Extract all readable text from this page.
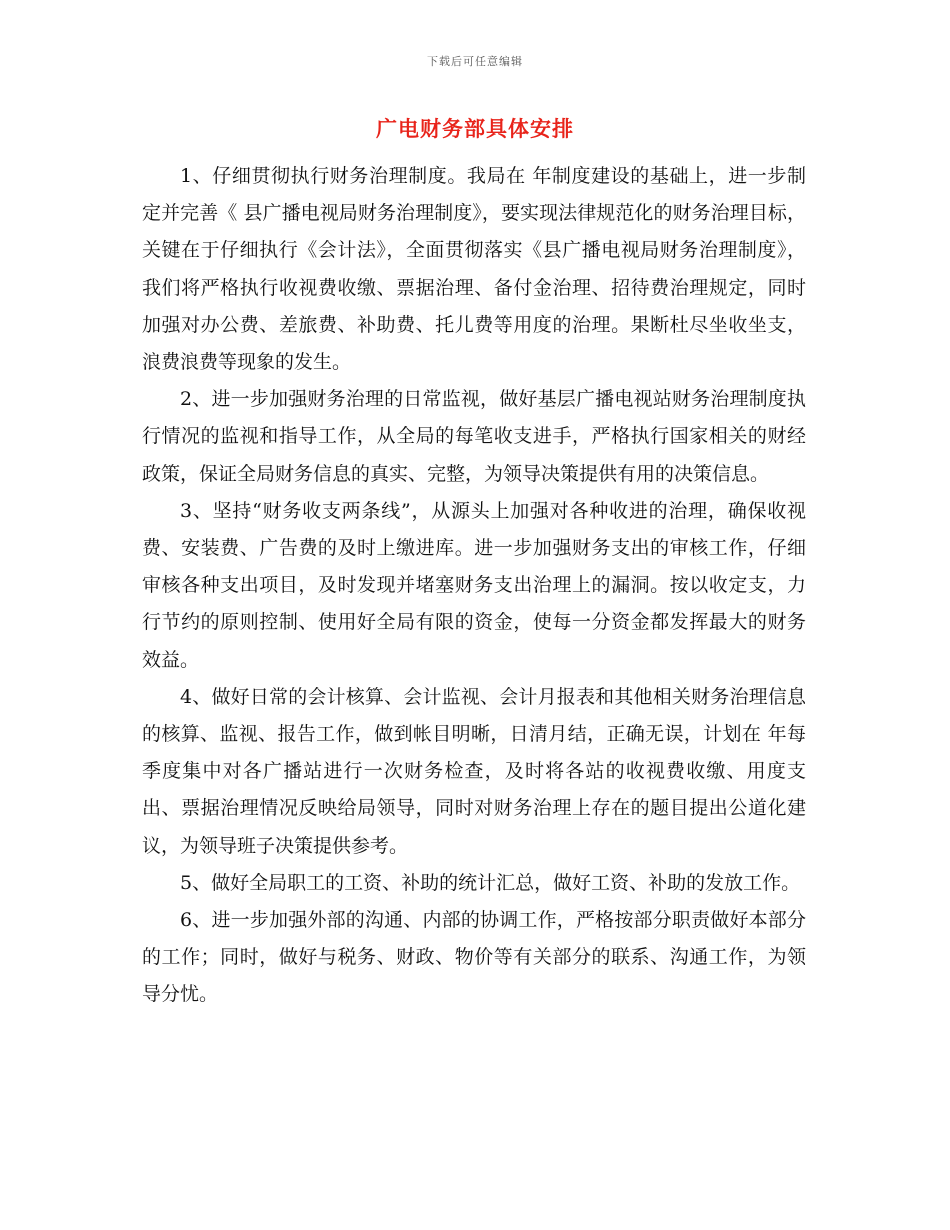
下载后可任意编辑
广电财务部具体安排

1、仔细贯彻执行财务治理制度。我局在 年制度建设的基础上，进一步制定并完善《 县广播电视局财务治理制度》，要实现法律规范化的财务治理目标，关键在于仔细执行《会计法》，全面贯彻落实《县广播电视局财务治理制度》，我们将严格执行收视费收缴、票据治理、备付金治理、招待费治理规定，同时加强对办公费、差旅费、补助费、托儿费等用度的治理。果断杜尽坐收坐支，浪费浪费等现象的发生。

2、进一步加强财务治理的日常监视，做好基层广播电视站财务治理制度执行情况的监视和指导工作，从全局的每笔收支进手，严格执行国家相关的财经政策，保证全局财务信息的真实、完整，为领导决策提供有用的决策信息。

3、坚持“财务收支两条线”，从源头上加强对各种收进的治理，确保收视费、安装费、广告费的及时上缴进库。进一步加强财务支出的审核工作，仔细审核各种支出项目，及时发现并堵塞财务支出治理上的漏洞。按以收定支，力行节约的原则控制、使用好全局有限的资金，使每一分资金都发挥最大的财务效益。

4、做好日常的会计核算、会计监视、会计月报表和其他相关财务治理信息的核算、监视、报告工作，做到帐目明晰，日清月结，正确无误，计划在 年每季度集中对各广播站进行一次财务检查，及时将各站的收视费收缴、用度支出、票据治理情况反映给局领导，同时对财务治理上存在的题目提出公道化建议，为领导班子决策提供参考。

5、做好全局职工的工资、补助的统计汇总，做好工资、补助的发放工作。

6、进一步加强外部的沟通、内部的协调工作，严格按部分职责做好本部分的工作；同时，做好与税务、财政、物价等有关部分的联系、沟通工作，为领导分忧。
